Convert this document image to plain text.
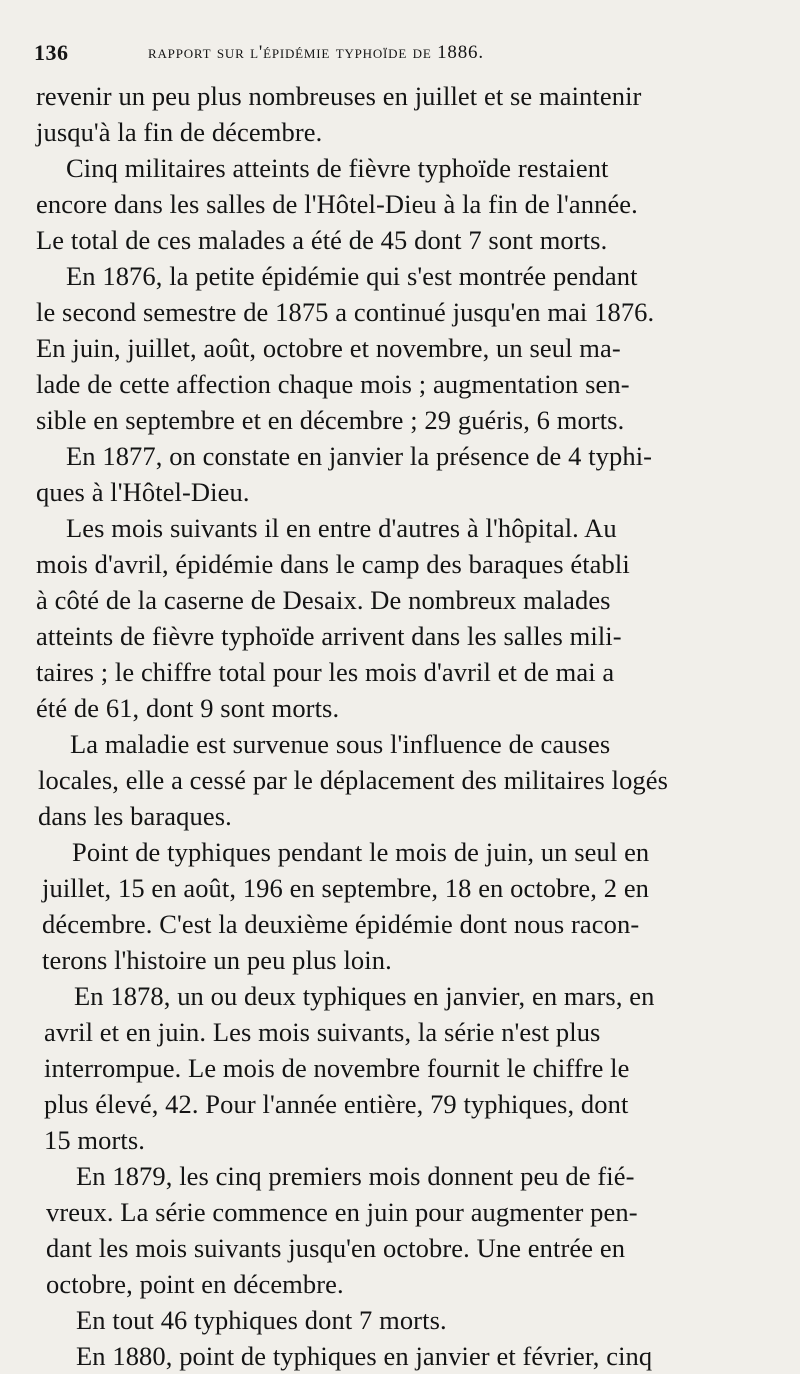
136	rapport sur l'épidémie typhoïde de 1886.
revenir un peu plus nombreuses en juillet et se maintenir
jusqu'à la fin de décembre.
Cinq militaires atteints de fièvre typhoïde restaient
encore dans les salles de l'Hôtel-Dieu à la fin de l'année.
Le total de ces malades a été de 45 dont 7 sont morts.
En 1876, la petite épidémie qui s'est montrée pendant
le second semestre de 1875 a continué jusqu'en mai 1876.
En juin, juillet, août, octobre et novembre, un seul ma-
lade de cette affection chaque mois ; augmentation sen-
sible en septembre et en décembre ; 29 guéris, 6 morts.
En 1877, on constate en janvier la présence de 4 typhi-
ques à l'Hôtel-Dieu.
Les mois suivants il en entre d'autres à l'hôpital. Au
mois d'avril, épidémie dans le camp des baraques établi
à côté de la caserne de Desaix. De nombreux malades
atteints de fièvre typhoïde arrivent dans les salles mili-
taires ; le chiffre total pour les mois d'avril et de mai a
été de 61, dont 9 sont morts.
La maladie est survenue sous l'influence de causes
locales, elle a cessé par le déplacement des militaires logés
dans les baraques.
Point de typhiques pendant le mois de juin, un seul en
juillet, 15 en août, 196 en septembre, 18 en octobre, 2 en
décembre. C'est la deuxième épidémie dont nous racon-
terons l'histoire un peu plus loin.
En 1878, un ou deux typhiques en janvier, en mars, en
avril et en juin. Les mois suivants, la série n'est plus
interrompue. Le mois de novembre fournit le chiffre le
plus élevé, 42. Pour l'année entière, 79 typhiques, dont
15 morts.
En 1879, les cinq premiers mois donnent peu de fié-
vreux. La série commence en juin pour augmenter pen-
dant les mois suivants jusqu'en octobre. Une entrée en
octobre, point en décembre.
En tout 46 typhiques dont 7 morts.
En 1880, point de typhiques en janvier et février, cinq
